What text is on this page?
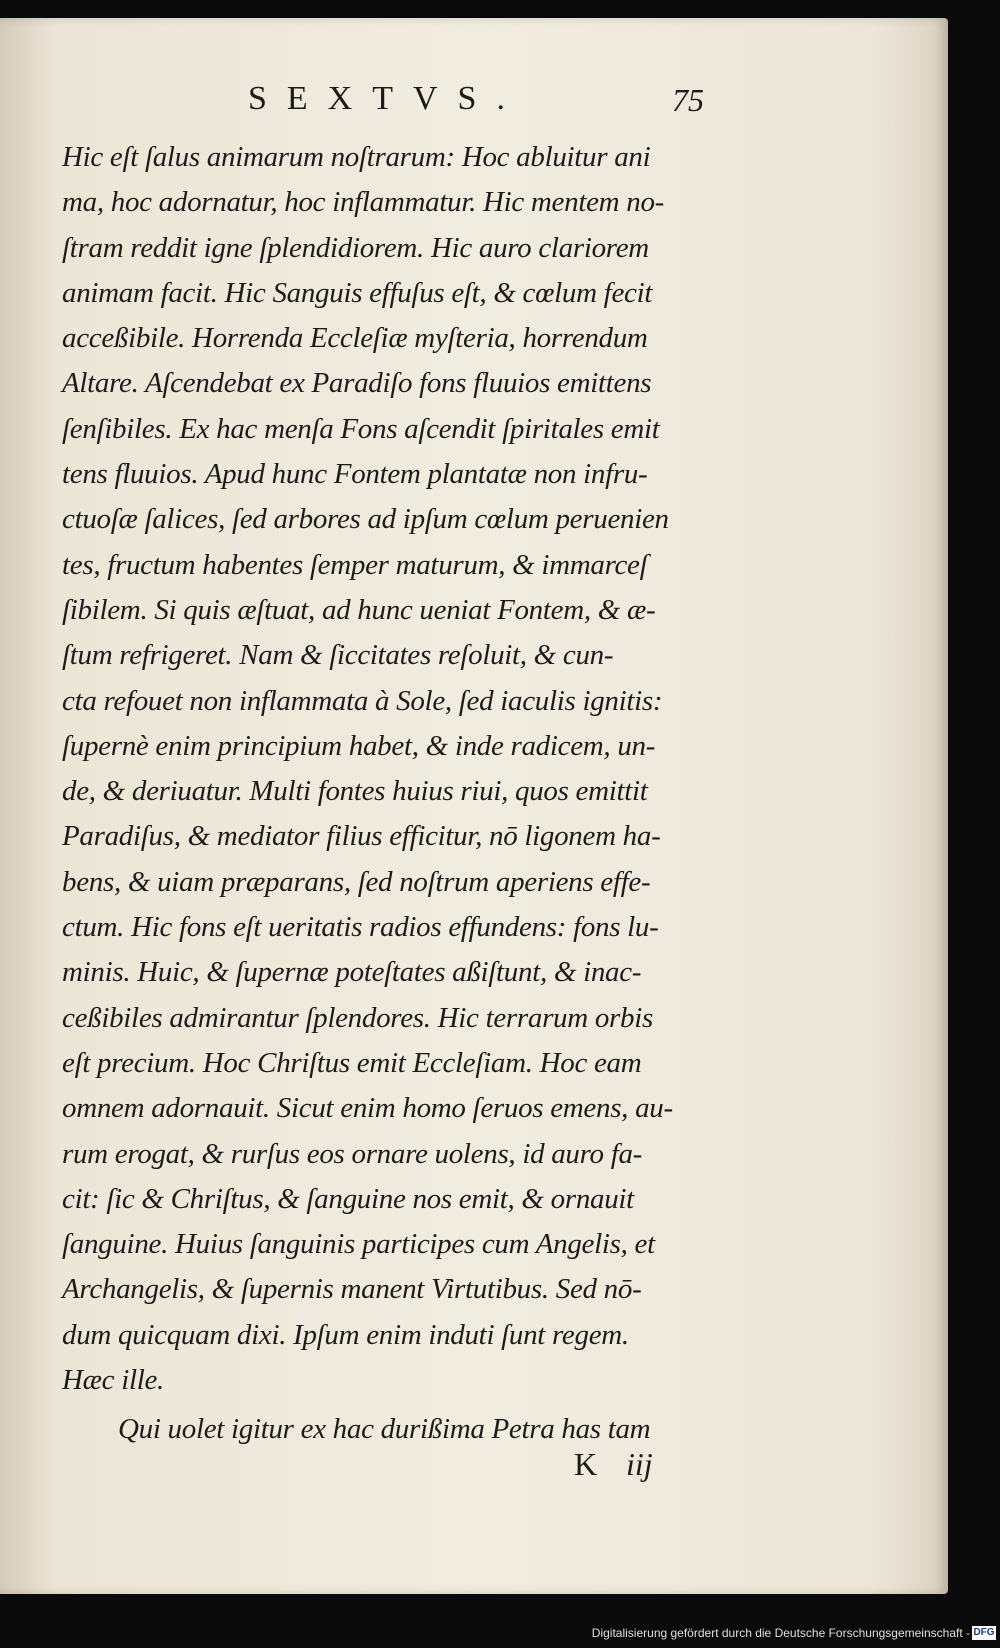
SEXTVS.	75
Hic eſt ſalus animarum noſtrarum: Hoc abluitur ani
ma, hoc adornatur, hoc inflammatur. Hic mentem no-
ſtram reddit igne ſplendidiorem. Hic auro clariorem
animam facit. Hic Sanguis effuſus eſt, & cœlum fecit
acceßibile. Horrenda Eccleſiæ myſteria, horrendum
Altare. Aſcendebat ex Paradiſo fons fluuios emittens
ſenſibiles. Ex hac menſa Fons aſcendit ſpiritales emit
tens fluuios. Apud hunc Fontem plantatæ non infru-
ctuoſæ ſalices, ſed arbores ad ipſum cœlum peruenien
tes, fructum habentes ſemper maturum, & immarceſ
ſibilem. Si quis æſtuat, ad hunc ueniat Fontem, & æ-
ſtum refrigeret. Nam & ſiccitates reſoluit, & cun-
cta refouet non inflammata à Sole, ſed iaculis ignitis:
ſupernè enim principium habet, & inde radicem, un-
de, & deriuatur. Multi fontes huius riui, quos emittit
Paradiſus, & mediator filius efficitur, nō ligonem ha-
bens, & uiam præparans, ſed noſtrum aperiens effe-
ctum. Hic fons eſt ueritatis radios effundens: fons lu-
minis. Huic, & ſupernæ poteſtates aßiſtunt, & inac-
ceßibiles admirantur ſplendores. Hic terrarum orbis
eſt precium. Hoc Chriſtus emit Eccleſiam. Hoc eam
omnem adornauit. Sicut enim homo ſeruos emens, au-
rum erogat, & rurſus eos ornare uolens, id auro fa-
cit: ſic & Chriſtus, & ſanguine nos emit, & ornauit
ſanguine. Huius ſanguinis participes cum Angelis, et
Archangelis, & ſupernis manent Virtutibus. Sed nō-
dum quicquam dixi. Ipſum enim induti ſunt regem.
Hæc ille.
Qui uolet igitur ex hac durißima Petra has tam
K iij
Digitalisierung gefördert durch die Deutsche Forschungsgemeinschaft - DFG
